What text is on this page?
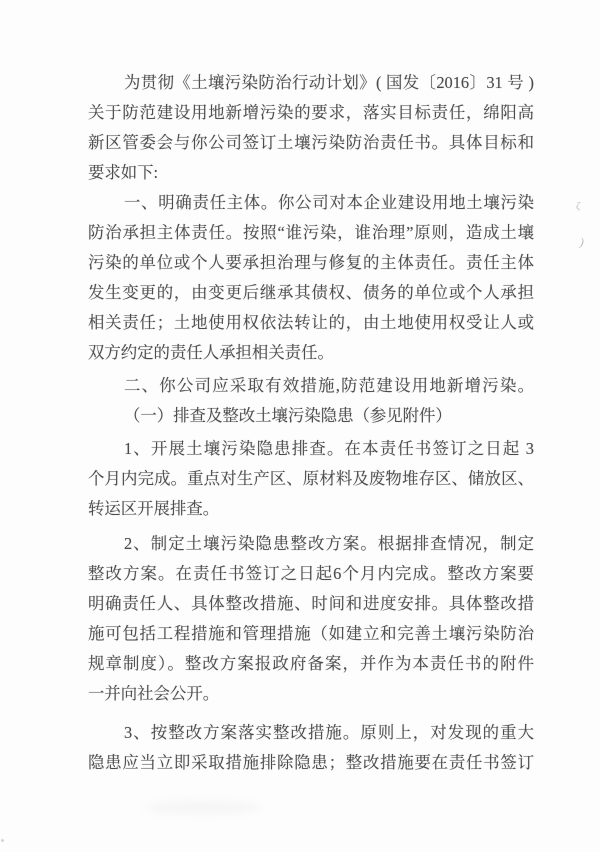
为贯彻《土壤污染防治行动计划》( 国发〔2016〕31 号 )
关于防范建设用地新增污染的要求，落实目标责任，绵阳高
新区管委会与你公司签订土壤污染防治责任书。具体目标和
要求如下:
一、明确责任主体。你公司对本企业建设用地土壤污染
防治承担主体责任。按照“谁污染，谁治理”原则，造成土壤
污染的单位或个人要承担治理与修复的主体责任。责任主体
发生变更的，由变更后继承其债权、债务的单位或个人承担
相关责任；土地使用权依法转让的，由土地使用权受让人或
双方约定的责任人承担相关责任。
二、你公司应采取有效措施,防范建设用地新增污染。
（一）排查及整改土壤污染隐患（参见附件）
1、开展土壤污染隐患排查。在本责任书签订之日起 3
个月内完成。重点对生产区、原材料及废物堆存区、储放区、
转运区开展排查。
2、制定土壤污染隐患整改方案。根据排查情况，制定
整改方案。在责任书签订之日起6个月内完成。整改方案要
明确责任人、具体整改措施、时间和进度安排。具体整改措
施可包括工程措施和管理措施（如建立和完善土壤污染防治
规章制度）。整改方案报政府备案，并作为本责任书的附件
一并向社会公开。
3、按整改方案落实整改措施。原则上，对发现的重大
隐患应当立即采取措施排除隐患；整改措施要在责任书签订
ζ
)
